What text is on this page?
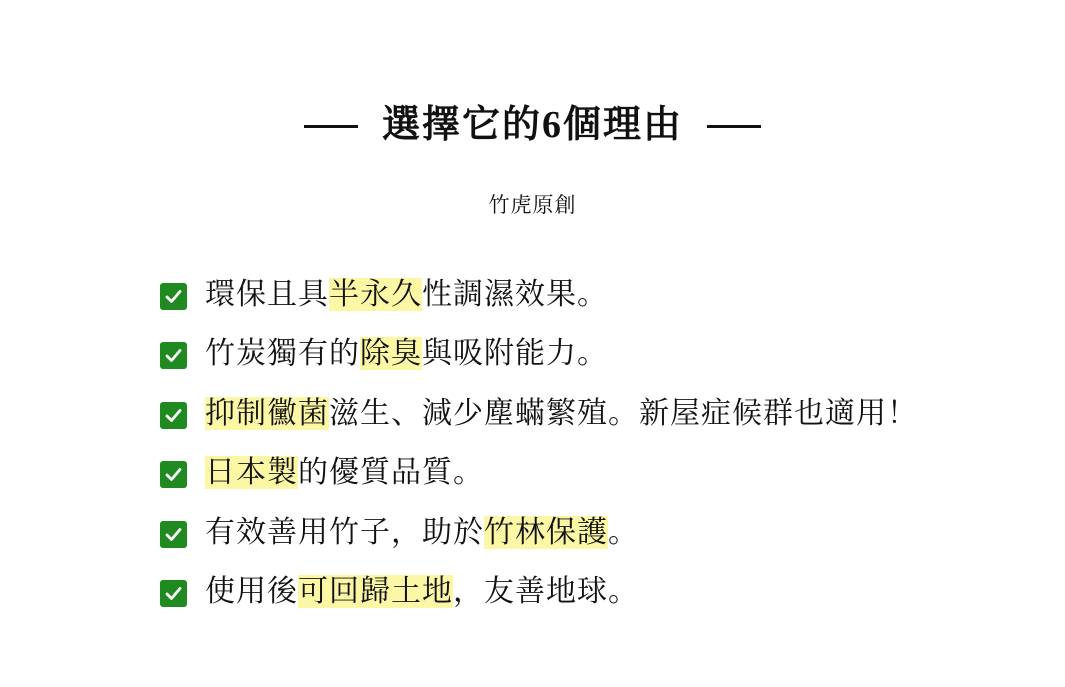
選擇它的6個理由
竹虎原創
環保且具半永久性調濕效果。
竹炭獨有的除臭與吸附能力。
抑制黴菌滋生、減少塵蟎繁殖。新屋症候群也適用！
日本製的優質品質。
有效善用竹子，助於竹林保護。
使用後可回歸土地，友善地球。
